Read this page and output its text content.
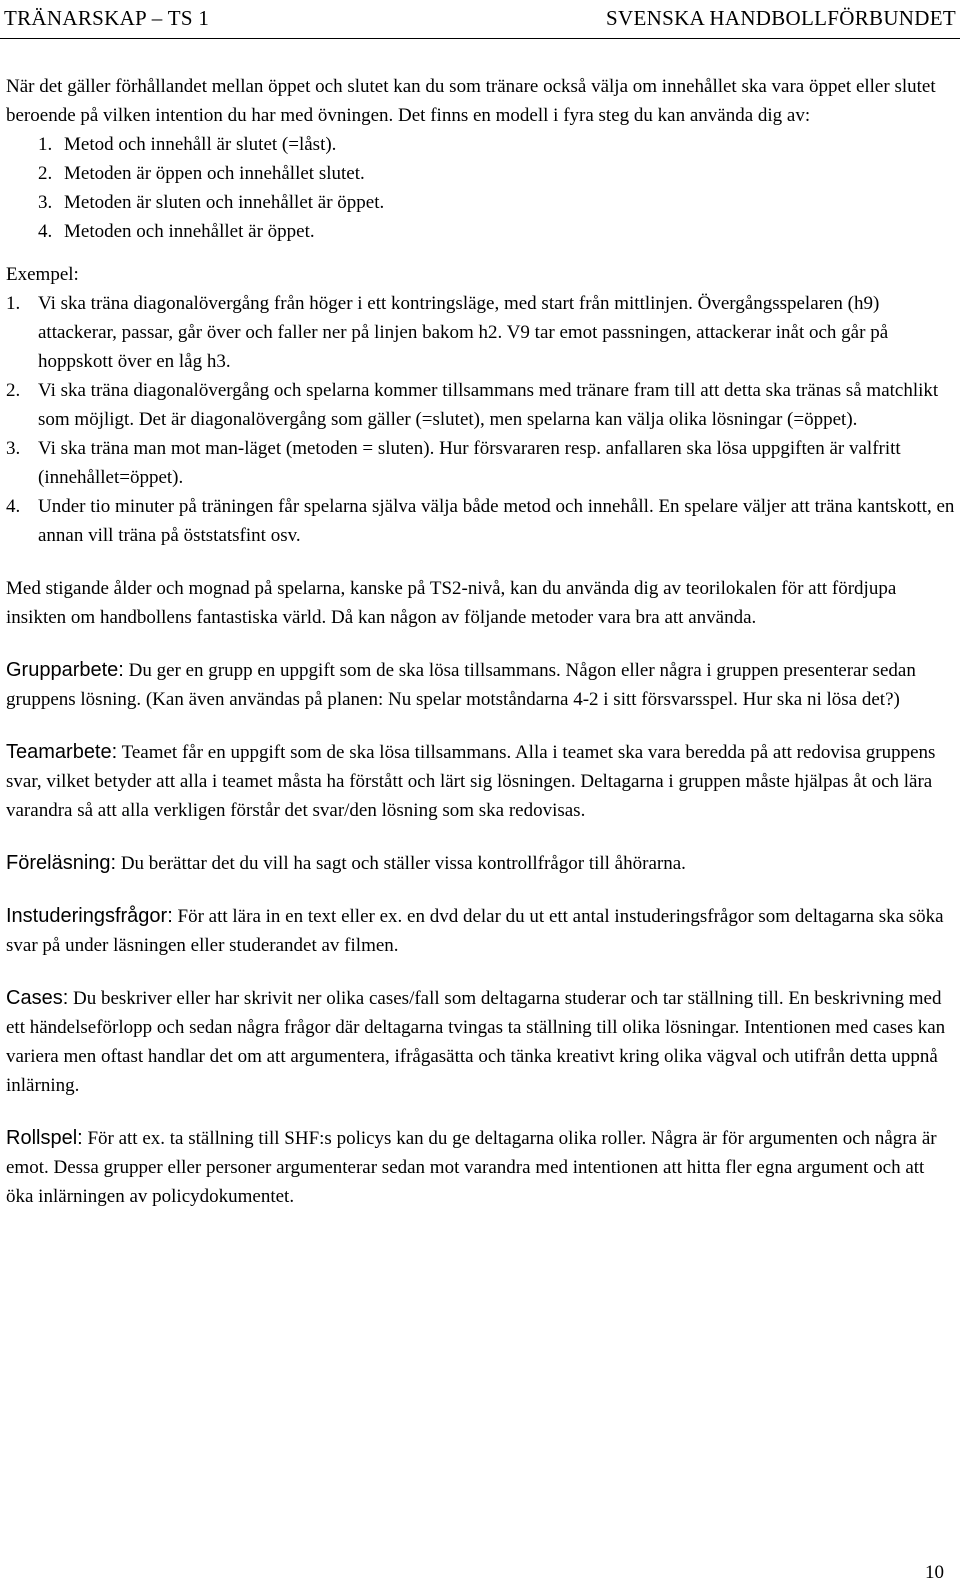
TRÄNARSKAP – TS 1	SVENSKA HANDBOLLFÖRBUNDET

När det gäller förhållandet mellan öppet och slutet kan du som tränare också välja om innehållet ska vara öppet eller slutet beroende på vilken intention du har med övningen. Det finns en modell i fyra steg du kan använda dig av:

1. Metod och innehåll är slutet (=låst).
2. Metoden är öppen och innehållet slutet.
3. Metoden är sluten och innehållet är öppet.
4. Metoden och innehållet är öppet.

Exempel:

1. Vi ska träna diagonalövergång från höger i ett kontringsläge, med start från mittlinjen. Övergångsspelaren (h9) attackerar, passar, går över och faller ner på linjen bakom h2. V9 tar emot passningen, attackerar inåt och går på hoppskott över en låg h3.
2. Vi ska träna diagonalövergång och spelarna kommer tillsammans med tränare fram till att detta ska tränas så matchlikt som möjligt. Det är diagonalövergång som gäller (=slutet), men spelarna kan välja olika lösningar (=öppet).
3. Vi ska träna man mot man-läget (metoden = sluten). Hur försvararen resp. anfallaren ska lösa uppgiften är valfritt (innehållet=öppet).
4. Under tio minuter på träningen får spelarna själva välja både metod och innehåll. En spelare väljer att träna kantskott, en annan vill träna på öststatsfint osv.

Med stigande ålder och mognad på spelarna, kanske på TS2-nivå, kan du använda dig av teorilokalen för att fördjupa insikten om handbollens fantastiska värld. Då kan någon av följande metoder vara bra att använda.

Grupparbete: Du ger en grupp en uppgift som de ska lösa tillsammans. Någon eller några i gruppen presenterar sedan gruppens lösning. (Kan även användas på planen: Nu spelar motståndarna 4-2 i sitt försvarsspel. Hur ska ni lösa det?)

Teamarbete: Teamet får en uppgift som de ska lösa tillsammans. Alla i teamet ska vara beredda på att redovisa gruppens svar, vilket betyder att alla i teamet måsta ha förstått och lärt sig lösningen. Deltagarna i gruppen måste hjälpas åt och lära varandra så att alla verkligen förstår det svar/den lösning som ska redovisas.

Föreläsning: Du berättar det du vill ha sagt och ställer vissa kontrollfrågor till åhörarna.

Instuderingsfrågor: För att lära in en text eller ex. en dvd delar du ut ett antal instuderingsfrågor som deltagarna ska söka svar på under läsningen eller studerandet av filmen.

Cases: Du beskriver eller har skrivit ner olika cases/fall som deltagarna studerar och tar ställning till. En beskrivning med ett händelseförlopp och sedan några frågor där deltagarna tvingas ta ställning till olika lösningar. Intentionen med cases kan variera men oftast handlar det om att argumentera, ifrågasätta och tänka kreativt kring olika vägval och utifrån detta uppnå inlärning.

Rollspel: För att ex. ta ställning till SHF:s policys kan du ge deltagarna olika roller. Några är för argumenten och några är emot. Dessa grupper eller personer argumenterar sedan mot varandra med intentionen att hitta fler egna argument och att öka inlärningen av policydokumentet.

10
